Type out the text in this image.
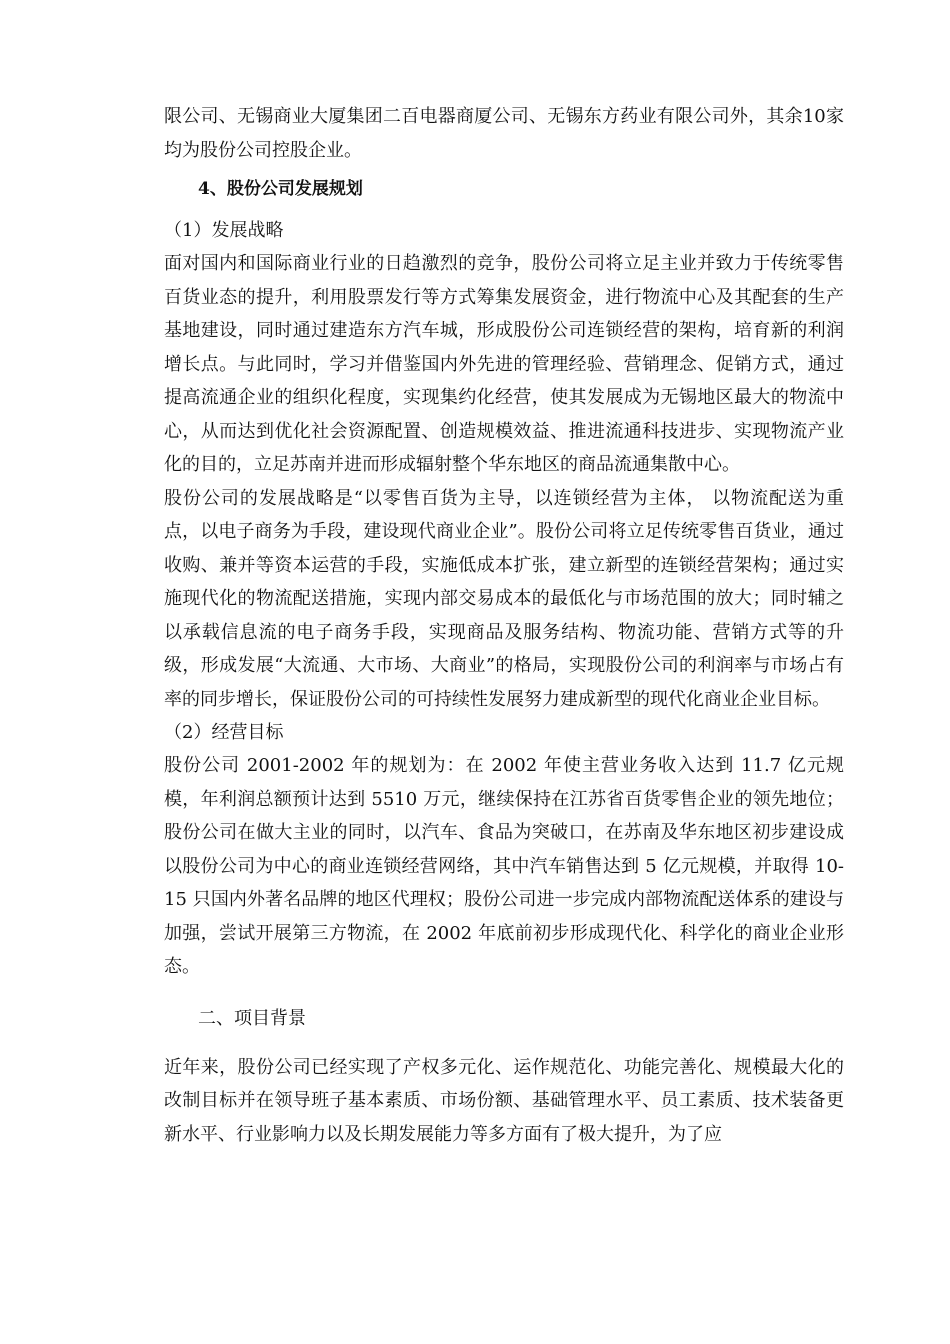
限公司、无锡商业大厦集团二百电器商厦公司、无锡东方药业有限公司外，其余10家均为股份公司控股企业。

4、股份公司发展规划

（1）发展战略

面对国内和国际商业行业的日趋激烈的竞争，股份公司将立足主业并致力于传统零售百货业态的提升，利用股票发行等方式筹集发展资金，进行物流中心及其配套的生产基地建设，同时通过建造东方汽车城，形成股份公司连锁经营的架构，培育新的利润增长点。与此同时，学习并借鉴国内外先进的管理经验、营销理念、促销方式，通过提高流通企业的组织化程度，实现集约化经营，使其发展成为无锡地区最大的物流中心，从而达到优化社会资源配置、创造规模效益、推进流通科技进步、实现物流产业化的目的，立足苏南并进而形成辐射整个华东地区的商品流通集散中心。

股份公司的发展战略是“以零售百货为主导，以连锁经营为主体， 以物流配送为重点，以电子商务为手段，建设现代商业企业”。股份公司将立足传统零售百货业，通过收购、兼并等资本运营的手段，实施低成本扩张，建立新型的连锁经营架构；通过实施现代化的物流配送措施，实现内部交易成本的最低化与市场范围的放大；同时辅之以承载信息流的电子商务手段，实现商品及服务结构、物流功能、营销方式等的升级，形成发展“大流通、大市场、大商业”的格局，实现股份公司的利润率与市场占有率的同步增长，保证股份公司的可持续性发展努力建成新型的现代化商业企业目标。

（2）经营目标

股份公司 2001-2002 年的规划为：在 2002 年使主营业务收入达到 11.7 亿元规模，年利润总额预计达到 5510 万元，继续保持在江苏省百货零售企业的领先地位；股份公司在做大主业的同时，以汽车、食品为突破口，在苏南及华东地区初步建设成以股份公司为中心的商业连锁经营网络，其中汽车销售达到 5 亿元规模，并取得 10-15 只国内外著名品牌的地区代理权；股份公司进一步完成内部物流配送体系的建设与加强，尝试开展第三方物流，在 2002 年底前初步形成现代化、科学化的商业企业形态。

二、项目背景

近年来，股份公司已经实现了产权多元化、运作规范化、功能完善化、规模最大化的改制目标并在领导班子基本素质、市场份额、基础管理水平、员工素质、技术装备更新水平、行业影响力以及长期发展能力等多方面有了极大提升，为了应
